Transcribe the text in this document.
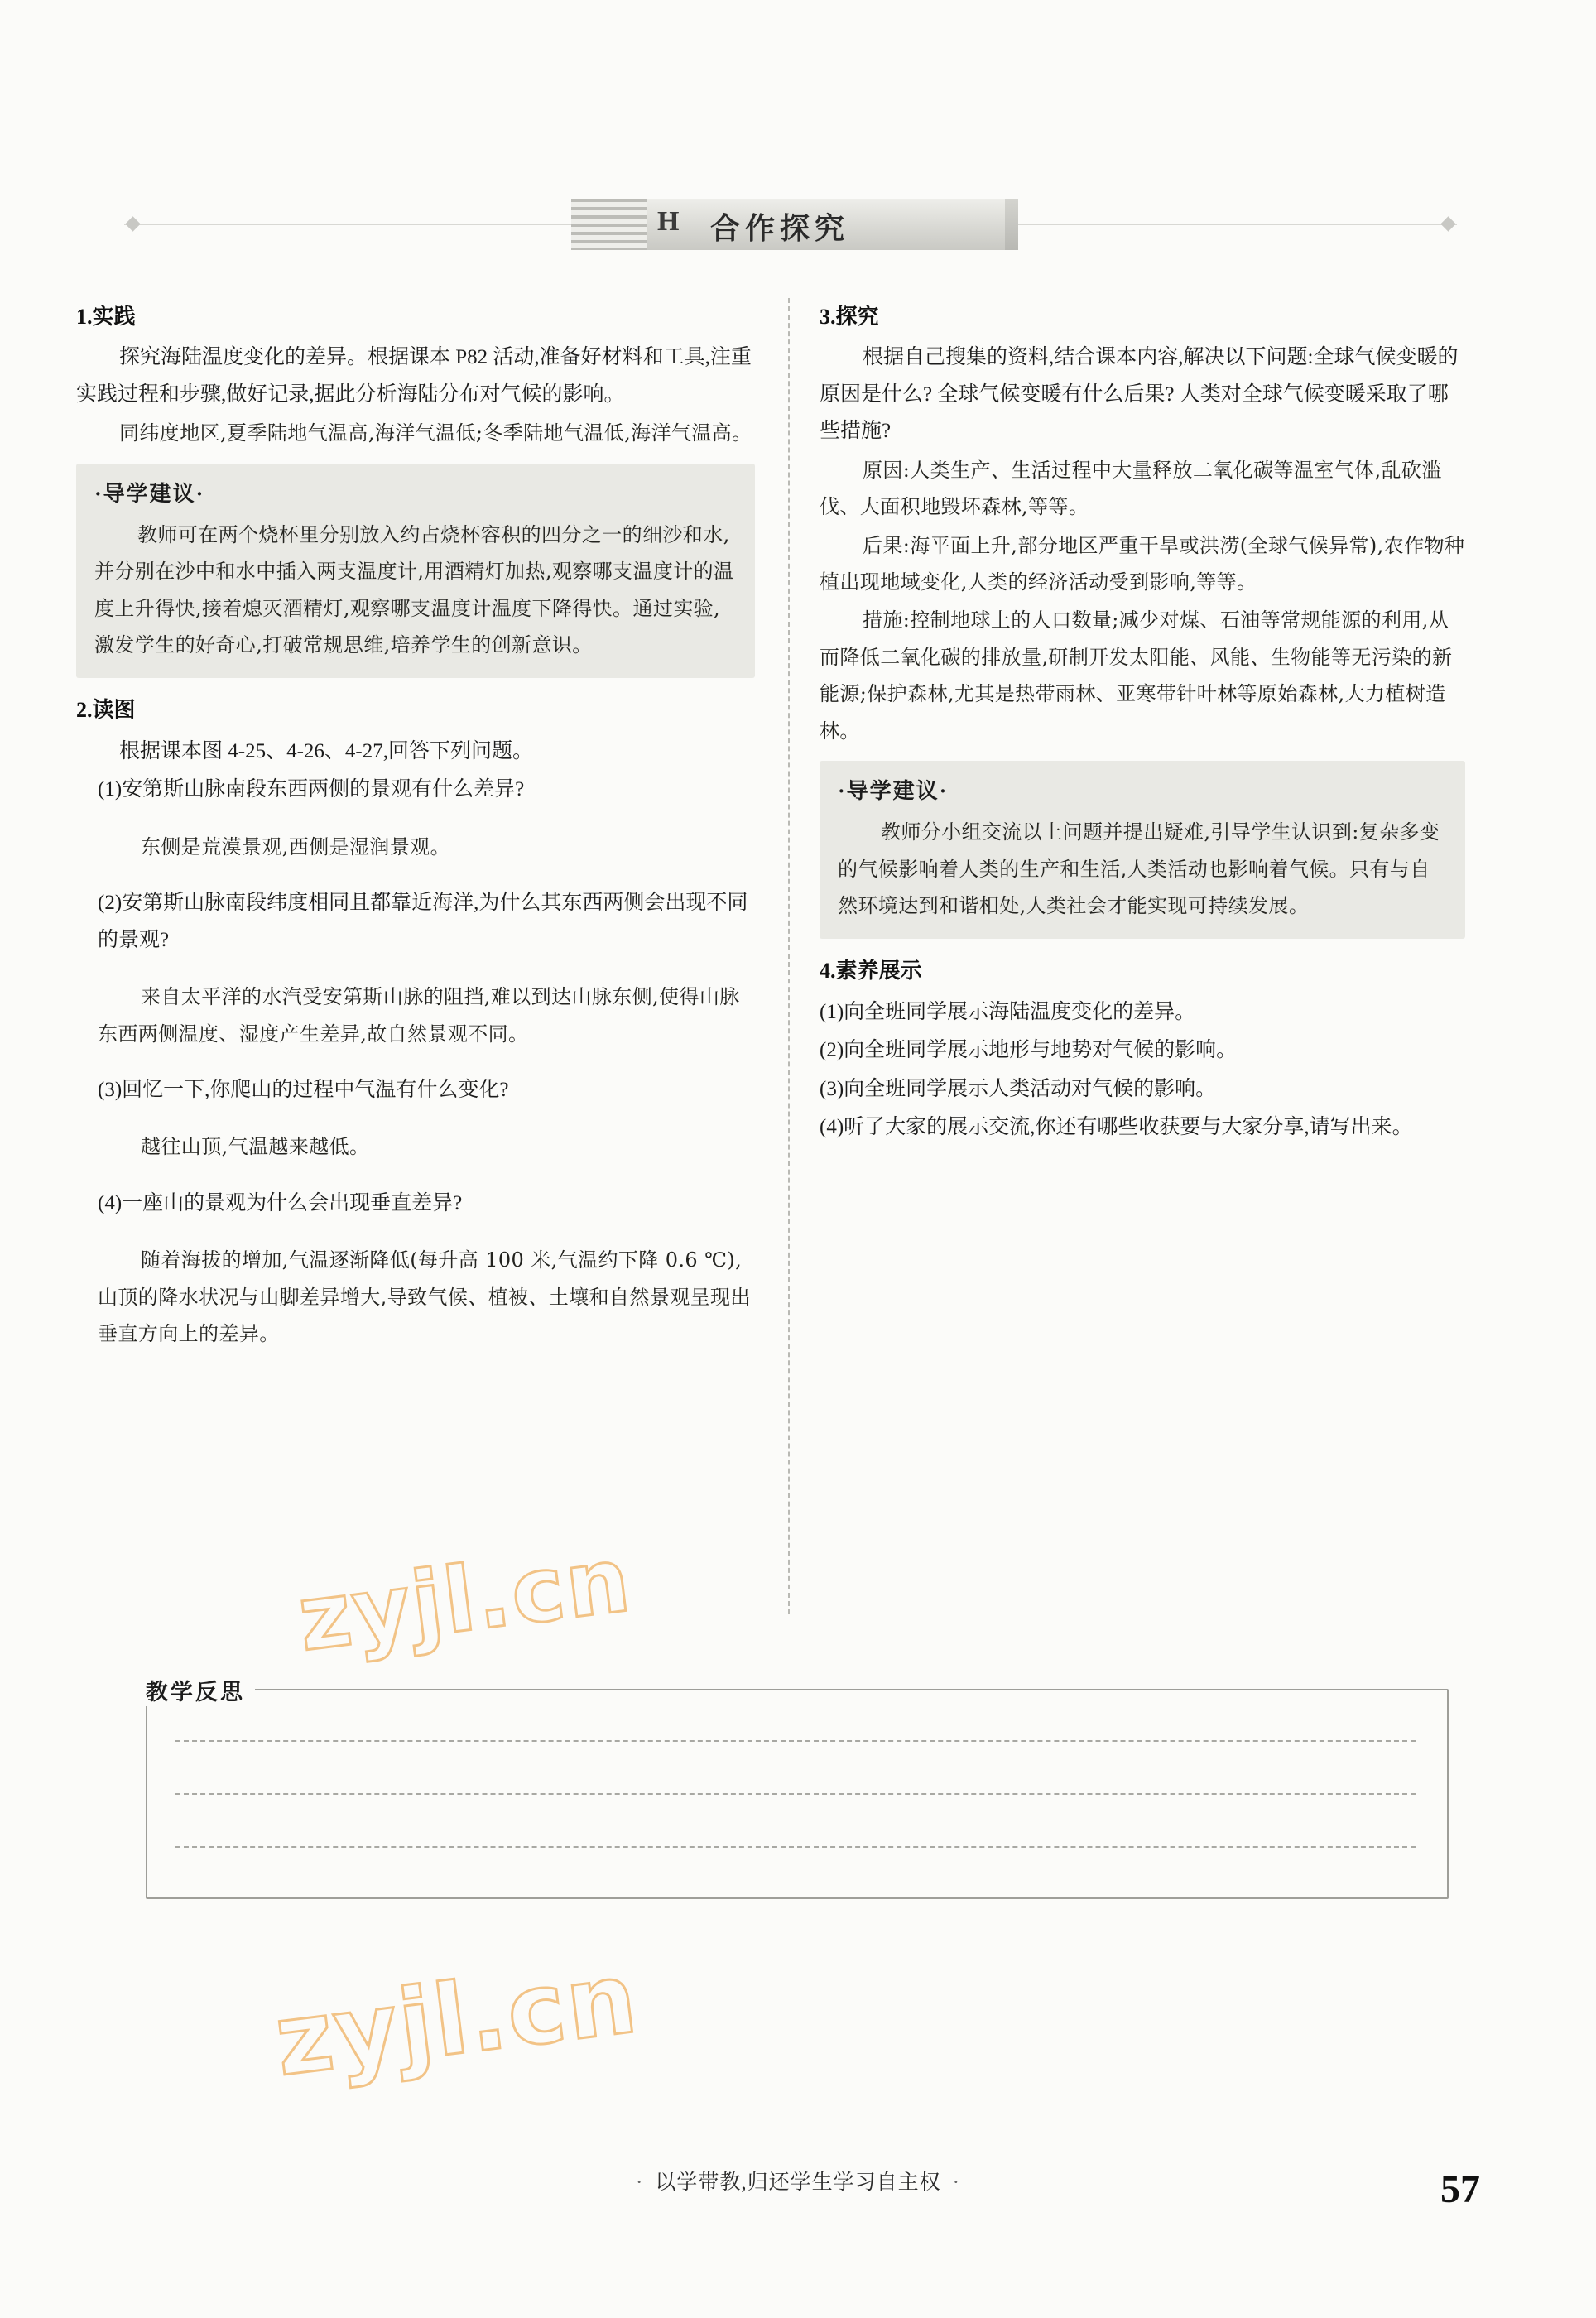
H 合作探究
1.实践

探究海陆温度变化的差异。根据课本 P82 活动,准备好材料和工具,注重实践过程和步骤,做好记录,据此分析海陆分布对气候的影响。

同纬度地区,夏季陆地气温高,海洋气温低;冬季陆地气温低,海洋气温高。

·导学建议·

教师可在两个烧杯里分别放入约占烧杯容积的四分之一的细沙和水,并分别在沙中和水中插入两支温度计,用酒精灯加热,观察哪支温度计的温度上升得快,接着熄灭酒精灯,观察哪支温度计温度下降得快。通过实验,激发学生的好奇心,打破常规思维,培养学生的创新意识。

2.读图

根据课本图 4-25、4-26、4-27,回答下列问题。

(1)安第斯山脉南段东西两侧的景观有什么差异?

东侧是荒漠景观,西侧是湿润景观。

(2)安第斯山脉南段纬度相同且都靠近海洋,为什么其东西两侧会出现不同的景观?

来自太平洋的水汽受安第斯山脉的阻挡,难以到达山脉东侧,使得山脉东西两侧温度、湿度产生差异,故自然景观不同。

(3)回忆一下,你爬山的过程中气温有什么变化?

越往山顶,气温越来越低。

(4)一座山的景观为什么会出现垂直差异?

随着海拔的增加,气温逐渐降低(每升高 100 米,气温约下降 0.6 ℃),山顶的降水状况与山脚差异增大,导致气候、植被、土壤和自然景观呈现出垂直方向上的差异。

3.探究

根据自己搜集的资料,结合课本内容,解决以下问题:全球气候变暖的原因是什么? 全球气候变暖有什么后果? 人类对全球气候变暖采取了哪些措施?

原因:人类生产、生活过程中大量释放二氧化碳等温室气体,乱砍滥伐、大面积地毁坏森林,等等。

后果:海平面上升,部分地区严重干旱或洪涝(全球气候异常),农作物种植出现地域变化,人类的经济活动受到影响,等等。

措施:控制地球上的人口数量;减少对煤、石油等常规能源的利用,从而降低二氧化碳的排放量,研制开发太阳能、风能、生物能等无污染的新能源;保护森林,尤其是热带雨林、亚寒带针叶林等原始森林,大力植树造林。

·导学建议·

教师分小组交流以上问题并提出疑难,引导学生认识到:复杂多变的气候影响着人类的生产和生活,人类活动也影响着气候。只有与自然环境达到和谐相处,人类社会才能实现可持续发展。

4.素养展示

(1)向全班同学展示海陆温度变化的差异。

(2)向全班同学展示地形与地势对气候的影响。

(3)向全班同学展示人类活动对气候的影响。

(4)听了大家的展示交流,你还有哪些收获要与大家分享,请写出来。

教学反思
zyjl.cn
zyjl.cn
· 以学带教,归还学生学习自主权 ·	57
